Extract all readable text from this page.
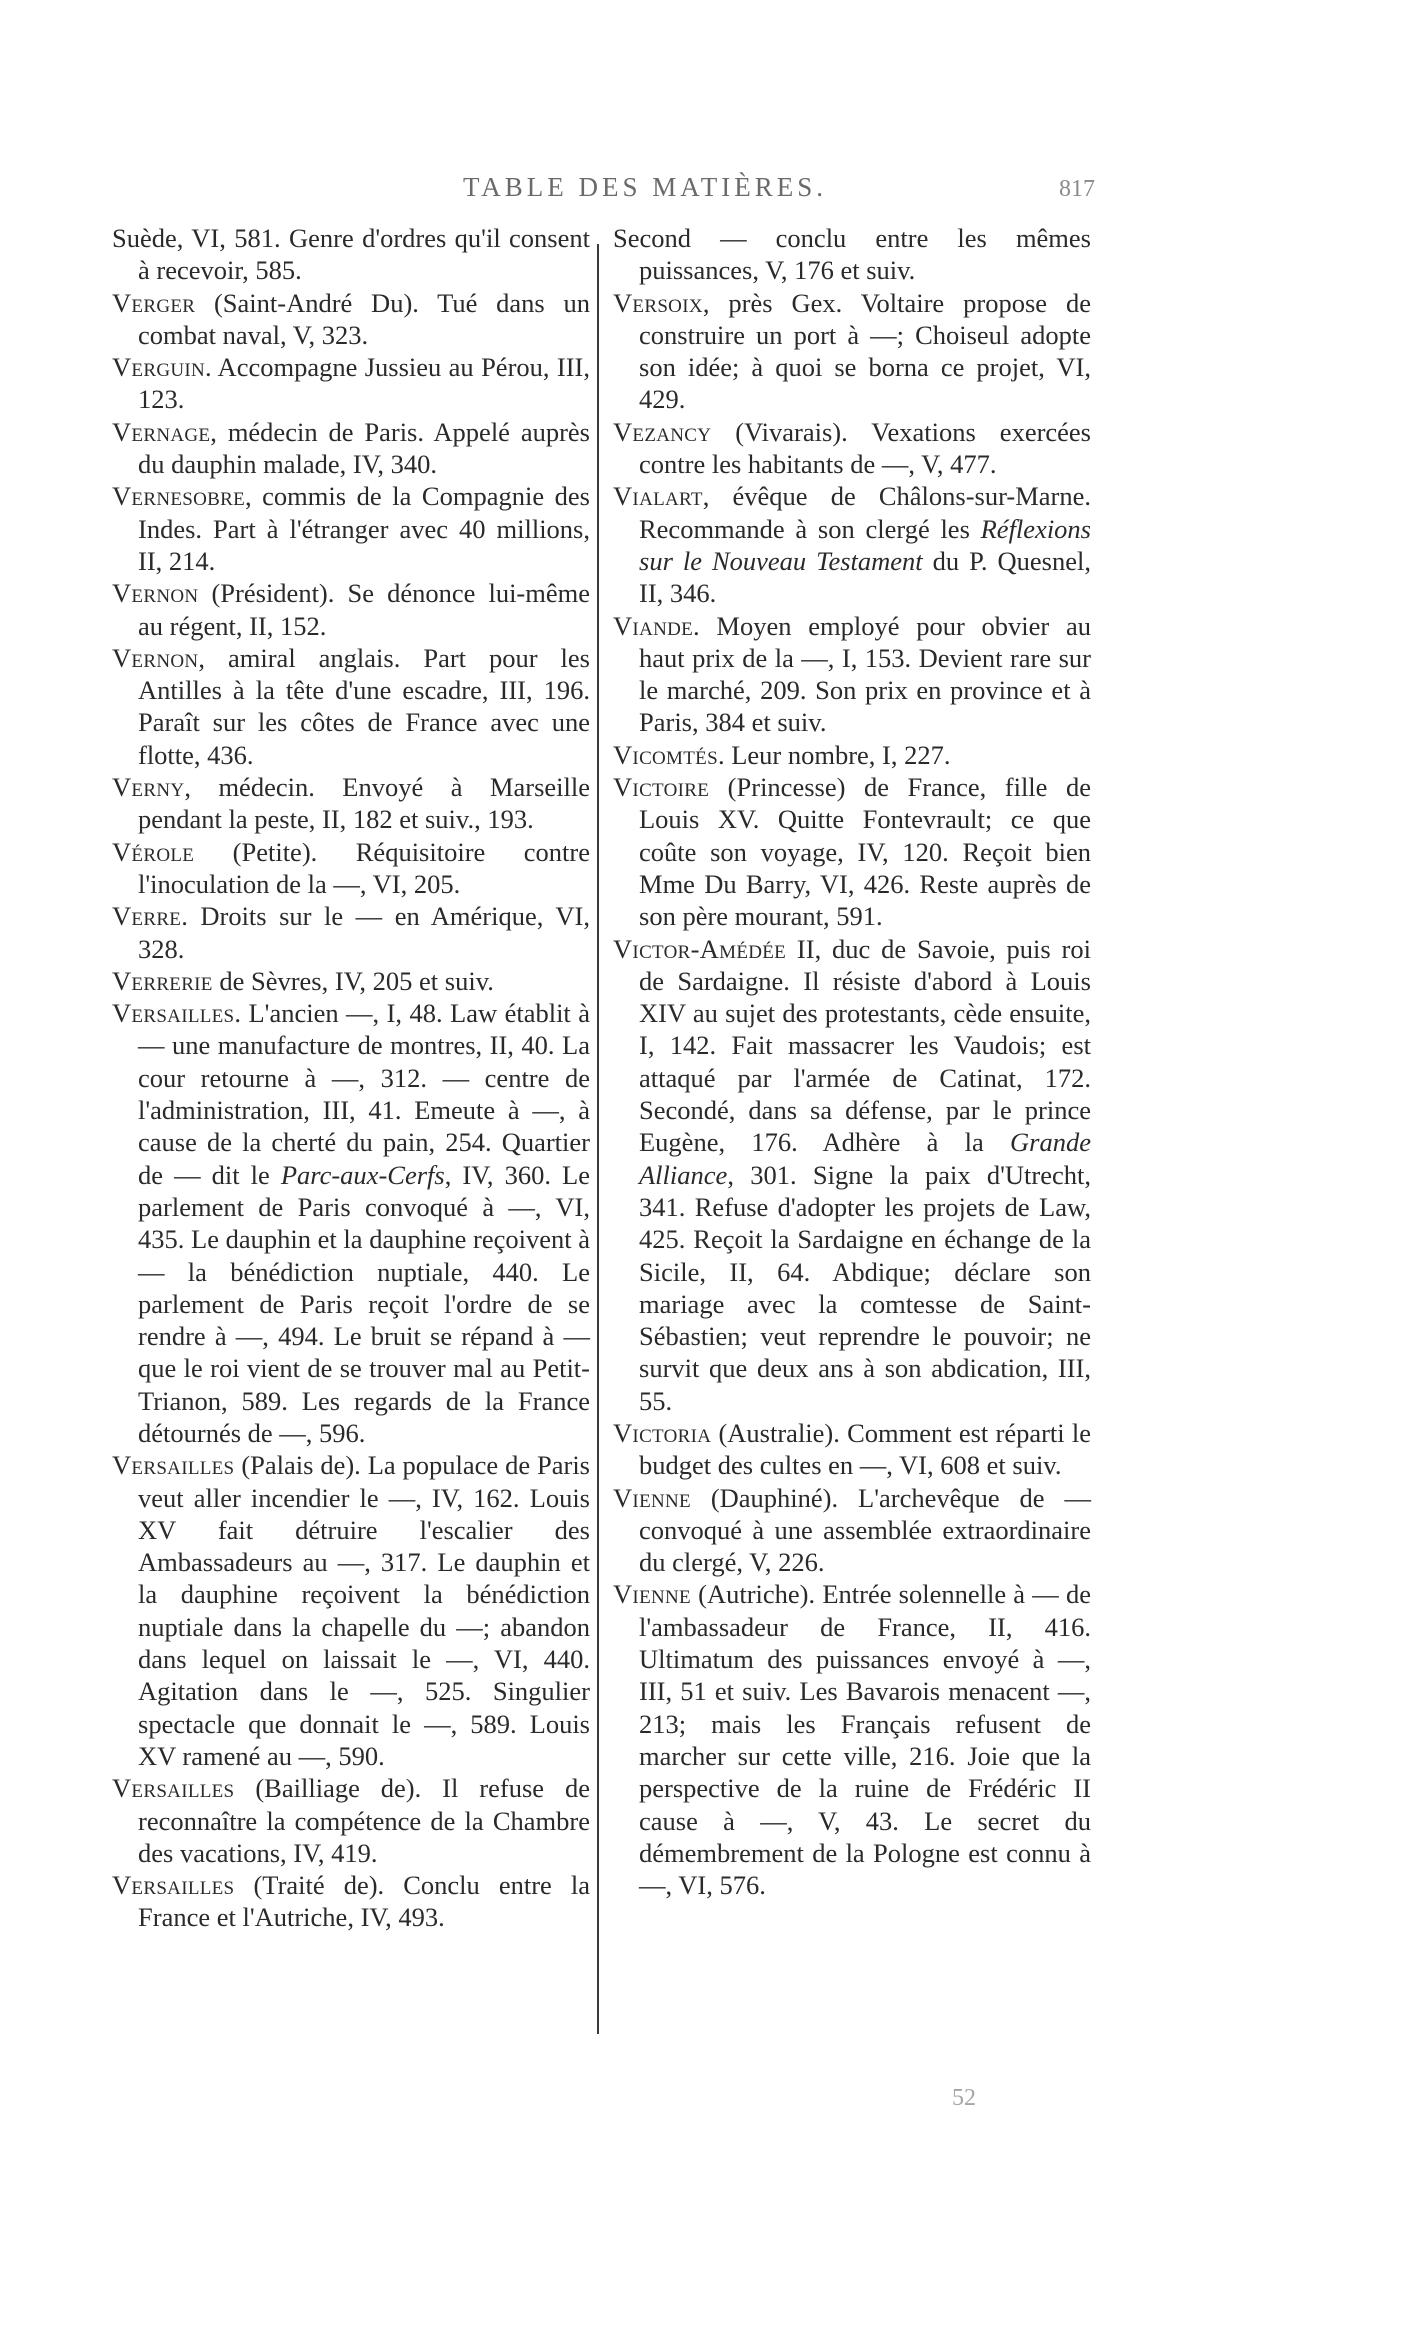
TABLE DES MATIÈRES.	817

Suède, VI, 581. Genre d'ordres qu'il consent à recevoir, 585.

Verger (Saint-André Du). Tué dans un combat naval, V, 323.

Verguin. Accompagne Jussieu au Pérou, III, 123.

Vernage, médecin de Paris. Appelé auprès du dauphin malade, IV, 340.

Vernesobre, commis de la Compagnie des Indes. Part à l'étranger avec 40 millions, II, 214.

Vernon (Président). Se dénonce lui-même au régent, II, 152.

Vernon, amiral anglais. Part pour les Antilles à la tête d'une escadre, III, 196. Paraît sur les côtes de France avec une flotte, 436.

Verny, médecin. Envoyé à Marseille pendant la peste, II, 182 et suiv., 193.

Vérole (Petite). Réquisitoire contre l'inoculation de la —, VI, 205.

Verre. Droits sur le — en Amérique, VI, 328.

Verrerie de Sèvres, IV, 205 et suiv.

Versailles. L'ancien —, I, 48. Law établit à — une manufacture de montres, II, 40. La cour retourne à —, 312. — centre de l'administration, III, 41. Emeute à —, à cause de la cherté du pain, 254. Quartier de — dit le Parc-aux-Cerfs, IV, 360. Le parlement de Paris convoqué à —, VI, 435. Le dauphin et la dauphine reçoivent à — la bénédiction nuptiale, 440. Le parlement de Paris reçoit l'ordre de se rendre à —, 494. Le bruit se répand à — que le roi vient de se trouver mal au Petit-Trianon, 589. Les regards de la France détournés de —, 596.

Versailles (Palais de). La populace de Paris veut aller incendier le —, IV, 162. Louis XV fait détruire l'escalier des Ambassadeurs au —, 317. Le dauphin et la dauphine reçoivent la bénédiction nuptiale dans la chapelle du —; abandon dans lequel on laissait le —, VI, 440. Agitation dans le —, 525. Singulier spectacle que donnait le —, 589. Louis XV ramené au —, 590.

Versailles (Bailliage de). Il refuse de reconnaître la compétence de la Chambre des vacations, IV, 419.

Versailles (Traité de). Conclu entre la France et l'Autriche, IV, 493.

Second — conclu entre les mêmes puissances, V, 176 et suiv.

Versoix, près Gex. Voltaire propose de construire un port à —; Choiseul adopte son idée; à quoi se borna ce projet, VI, 429.

Vezancy (Vivarais). Vexations exercées contre les habitants de —, V, 477.

Vialart, évêque de Châlons-sur-Marne. Recommande à son clergé les Réflexions sur le Nouveau Testament du P. Quesnel, II, 346.

Viande. Moyen employé pour obvier au haut prix de la —, I, 153. Devient rare sur le marché, 209. Son prix en province et à Paris, 384 et suiv.

Vicomtés. Leur nombre, I, 227.

Victoire (Princesse) de France, fille de Louis XV. Quitte Fontevrault; ce que coûte son voyage, IV, 120. Reçoit bien Mme Du Barry, VI, 426. Reste auprès de son père mourant, 591.

Victor-Amédée II, duc de Savoie, puis roi de Sardaigne. Il résiste d'abord à Louis XIV au sujet des protestants, cède ensuite, I, 142. Fait massacrer les Vaudois; est attaqué par l'armée de Catinat, 172. Secondé, dans sa défense, par le prince Eugène, 176. Adhère à la Grande Alliance, 301. Signe la paix d'Utrecht, 341. Refuse d'adopter les projets de Law, 425. Reçoit la Sardaigne en échange de la Sicile, II, 64. Abdique; déclare son mariage avec la comtesse de Saint-Sébastien; veut reprendre le pouvoir; ne survit que deux ans à son abdication, III, 55.

Victoria (Australie). Comment est réparti le budget des cultes en —, VI, 608 et suiv.

Vienne (Dauphiné). L'archevêque de — convoqué à une assemblée extraordinaire du clergé, V, 226.

Vienne (Autriche). Entrée solennelle à — de l'ambassadeur de France, II, 416. Ultimatum des puissances envoyé à —, III, 51 et suiv. Les Bavarois menacent —, 213; mais les Français refusent de marcher sur cette ville, 216. Joie que la perspective de la ruine de Frédéric II cause à —, V, 43. Le secret du démembrement de la Pologne est connu à —, VI, 576.

52
